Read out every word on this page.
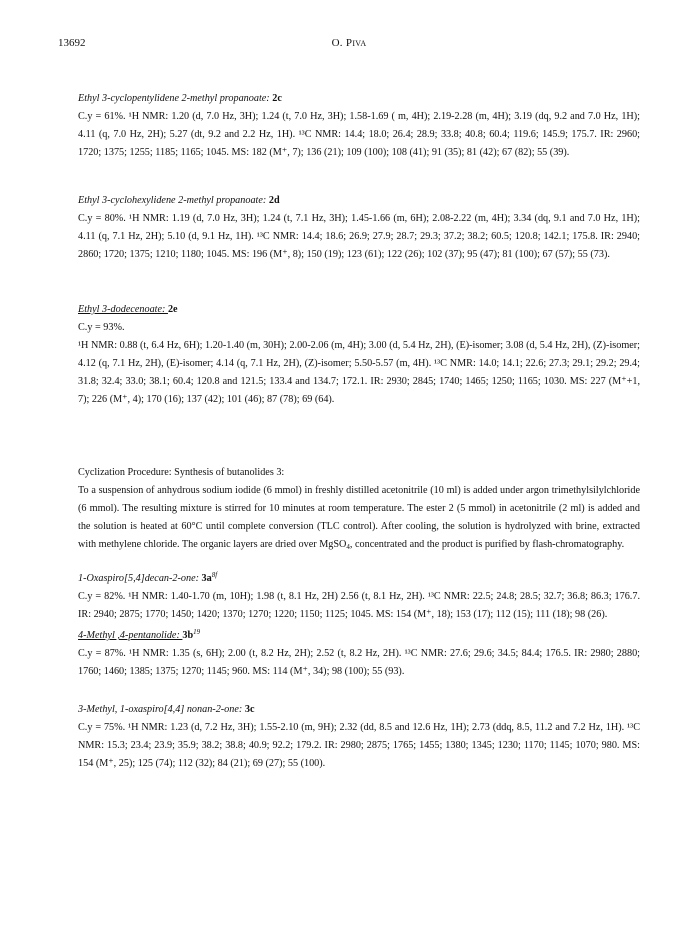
13692	O. Piva
Ethyl 3-cyclopentylidene 2-methyl propanoate: 2c
C.y = 61%. ¹H NMR: 1.20 (d, 7.0 Hz, 3H); 1.24 (t, 7.0 Hz, 3H); 1.58-1.69 ( m, 4H); 2.19-2.28 (m, 4H); 3.19 (dq, 9.2 and 7.0 Hz, 1H); 4.11 (q, 7.0 Hz, 2H); 5.27 (dt, 9.2 and 2.2 Hz, 1H). ¹³C NMR: 14.4; 18.0; 26.4; 28.9; 33.8; 40.8; 60.4; 119.6; 145.9; 175.7. IR: 2960; 1720; 1375; 1255; 1185; 1165; 1045. MS: 182 (M⁺, 7); 136 (21); 109 (100); 108 (41); 91 (35); 81 (42); 67 (82); 55 (39).
Ethyl 3-cyclohexylidene 2-methyl propanoate: 2d
C.y = 80%. ¹H NMR: 1.19 (d, 7.0 Hz, 3H); 1.24 (t, 7.1 Hz, 3H); 1.45-1.66 (m, 6H); 2.08-2.22 (m, 4H); 3.34 (dq, 9.1 and 7.0 Hz, 1H); 4.11 (q, 7.1 Hz, 2H); 5.10 (d, 9.1 Hz, 1H). ¹³C NMR: 14.4; 18.6; 26.9; 27.9; 28.7; 29.3; 37.2; 38.2; 60.5; 120.8; 142.1; 175.8. IR: 2940; 2860; 1720; 1375; 1210; 1180; 1045. MS: 196 (M⁺, 8); 150 (19); 123 (61); 122 (26); 102 (37); 95 (47); 81 (100); 67 (57); 55 (73).
Ethyl 3-dodecenoate: 2e
C.y = 93%.
¹H NMR: 0.88 (t, 6.4 Hz, 6H); 1.20-1.40 (m, 30H); 2.00-2.06 (m, 4H); 3.00 (d, 5.4 Hz, 2H), (E)-isomer; 3.08 (d, 5.4 Hz, 2H), (Z)-isomer; 4.12 (q, 7.1 Hz, 2H), (E)-isomer; 4.14 (q, 7.1 Hz, 2H), (Z)-isomer; 5.50-5.57 (m, 4H). ¹³C NMR: 14.0; 14.1; 22.6; 27.3; 29.1; 29.2; 29.4; 31.8; 32.4; 33.0; 38.1; 60.4; 120.8 and 121.5; 133.4 and 134.7; 172.1. IR: 2930; 2845; 1740; 1465; 1250; 1165; 1030. MS: 227 (M⁺+1, 7); 226 (M⁺, 4); 170 (16); 137 (42); 101 (46); 87 (78); 69 (64).
Cyclization Procedure: Synthesis of butanolides 3:
To a suspension of anhydrous sodium iodide (6 mmol) in freshly distilled acetonitrile (10 ml) is added under argon trimethylsilylchloride (6 mmol). The resulting mixture is stirred for 10 minutes at room temperature. The ester 2 (5 mmol) in acetonitrile (2 ml) is added and the solution is heated at 60°C until complete conversion (TLC control). After cooling, the solution is hydrolyzed with brine, extracted with methylene chloride. The organic layers are dried over MgSO$_4$, concentrated and the product is purified by flash-chromatography.
1-Oxaspiro[5,4]decan-2-one: $3a^{8f}$
C.y = 82%. ¹H NMR: 1.40-1.70 (m, 10H); 1.98 (t, 8.1 Hz, 2H) 2.56 (t, 8.1 Hz, 2H). ¹³C NMR: 22.5; 24.8; 28.5; 32.7; 36.8; 86.3; 176.7. IR: 2940; 2875; 1770; 1450; 1420; 1370; 1270; 1220; 1150; 1125; 1045. MS: 154 (M⁺, 18); 153 (17); 112 (15); 111 (18); 98 (26).
4-Methyl ,4-pentanolide: $3b^{19}$
C.y = 87%. ¹H NMR: 1.35 (s, 6H); 2.00 (t, 8.2 Hz, 2H); 2.52 (t, 8.2 Hz, 2H). ¹³C NMR: 27.6; 29.6; 34.5; 84.4; 176.5. IR: 2980; 2880; 1760; 1460; 1385; 1375; 1270; 1145; 960. MS: 114 (M⁺, 34); 98 (100); 55 (93).
3-Methyl, 1-oxaspiro[4,4] nonan-2-one: 3c
C.y = 75%. ¹H NMR: 1.23 (d, 7.2 Hz, 3H); 1.55-2.10 (m, 9H); 2.32 (dd, 8.5 and 12.6 Hz, 1H); 2.73 (ddq, 8.5, 11.2 and 7.2 Hz, 1H). ¹³C NMR: 15.3; 23.4; 23.9; 35.9; 38.2; 38.8; 40.9; 92.2; 179.2. IR: 2980; 2875; 1765; 1455; 1380; 1345; 1230; 1170; 1145; 1070; 980. MS: 154 (M⁺, 25); 125 (74); 112 (32); 84 (21); 69 (27); 55 (100).
